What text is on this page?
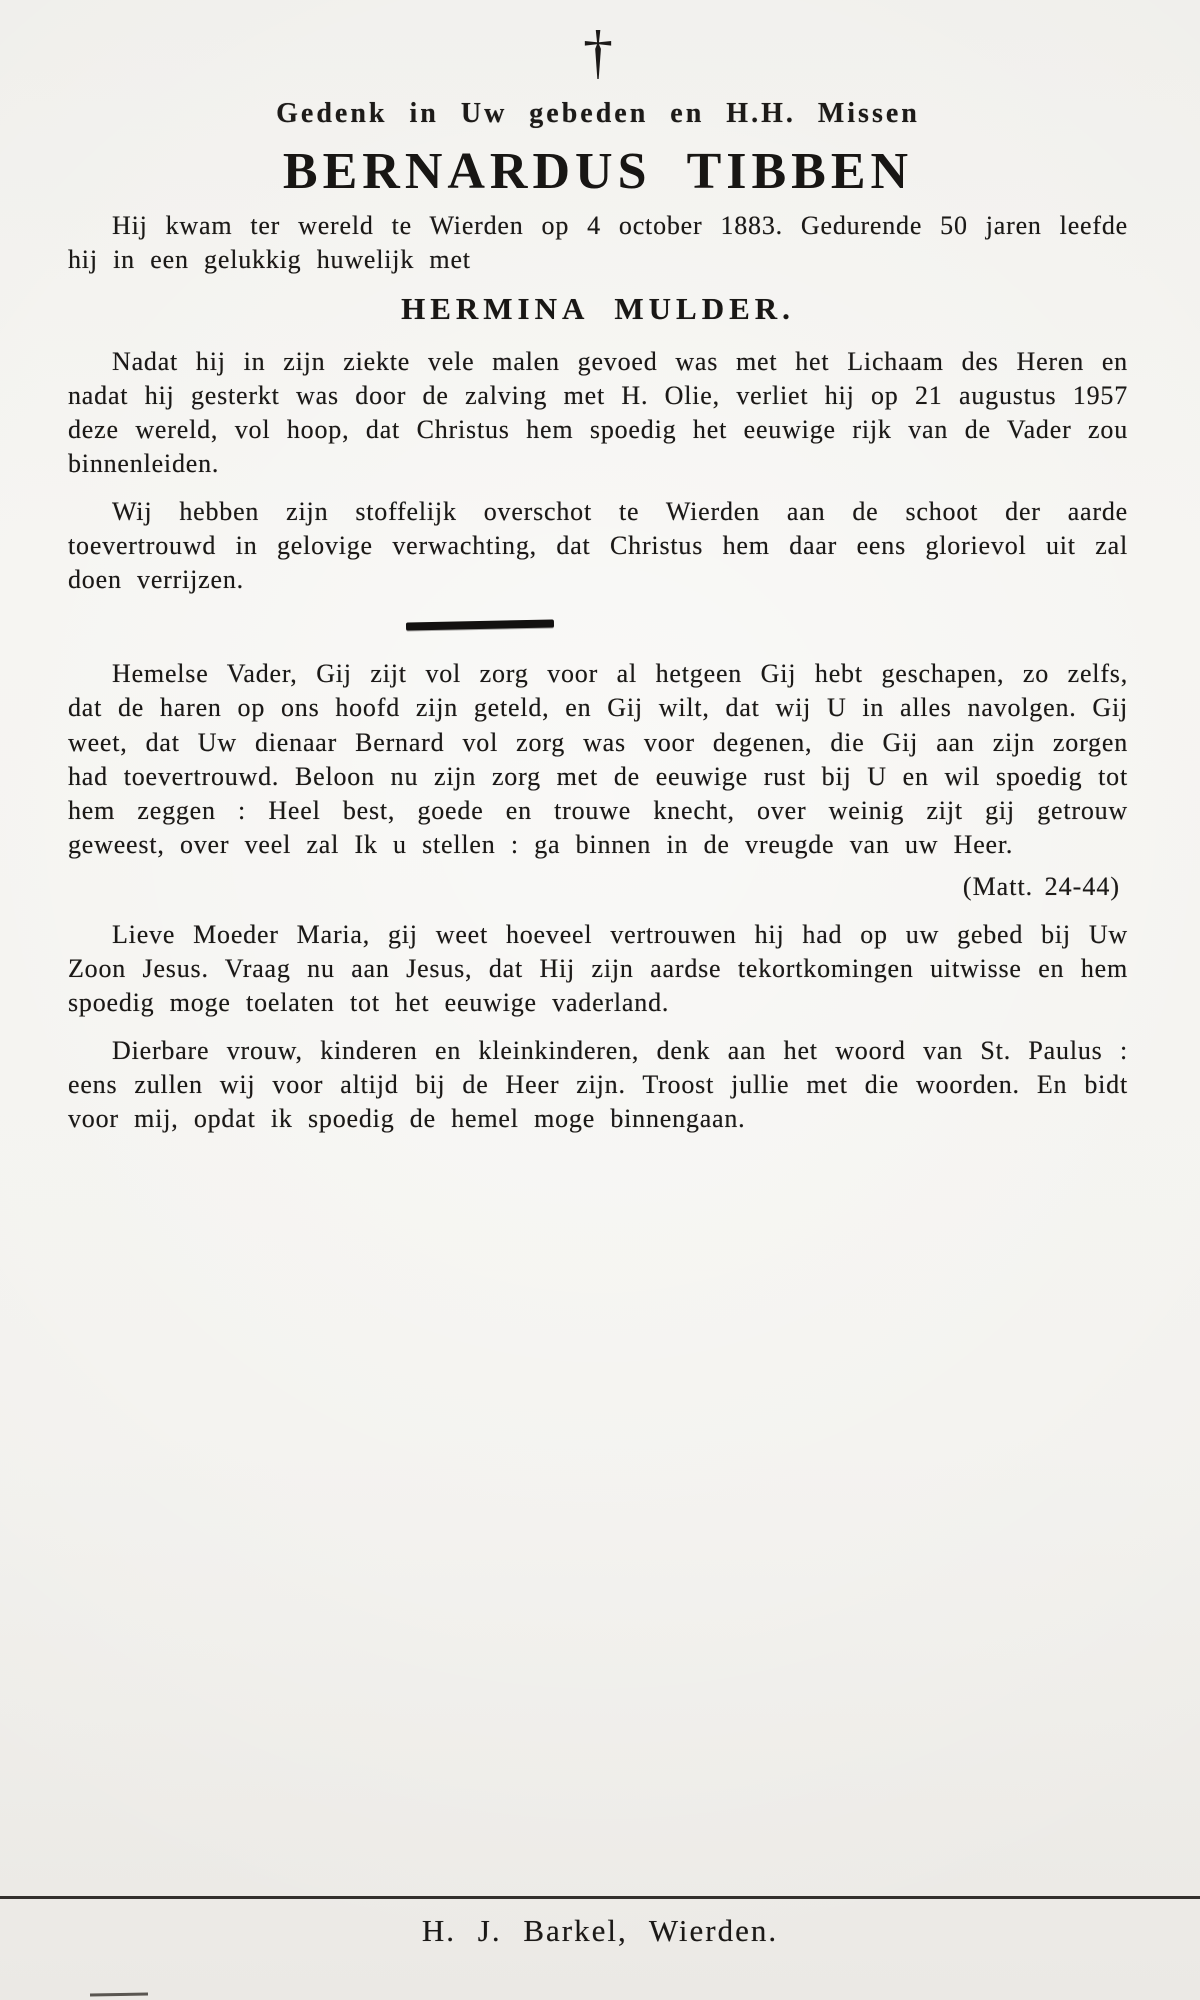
†
Gedenk in Uw gebeden en H.H. Missen
BERNARDUS TIBBEN

Hij kwam ter wereld te Wierden op 4 october 1883. Gedurende 50 jaren leefde hij in een gelukkig huwelijk met

HERMINA MULDER.

Nadat hij in zijn ziekte vele malen gevoed was met het Lichaam des Heren en nadat hij gesterkt was door de zalving met H. Olie, verliet hij op 21 augustus 1957 deze wereld, vol hoop, dat Christus hem spoedig het eeuwige rijk van de Vader zou binnenleiden.

Wij hebben zijn stoffelijk overschot te Wierden aan de schoot der aarde toevertrouwd in gelovige verwachting, dat Christus hem daar eens glorievol uit zal doen verrijzen.

Hemelse Vader, Gij zijt vol zorg voor al hetgeen Gij hebt geschapen, zo zelfs, dat de haren op ons hoofd zijn geteld, en Gij wilt, dat wij U in alles navolgen. Gij weet, dat Uw dienaar Bernard vol zorg was voor degenen, die Gij aan zijn zorgen had toevertrouwd. Beloon nu zijn zorg met de eeuwige rust bij U en wil spoedig tot hem zeggen : Heel best, goede en trouwe knecht, over weinig zijt gij getrouw geweest, over veel zal Ik u stellen : ga binnen in de vreugde van uw Heer.

(Matt. 24-44)

Lieve Moeder Maria, gij weet hoeveel vertrouwen hij had op uw gebed bij Uw Zoon Jesus. Vraag nu aan Jesus, dat Hij zijn aardse tekortkomingen uitwisse en hem spoedig moge toelaten tot het eeuwige vaderland.

Dierbare vrouw, kinderen en kleinkinderen, denk aan het woord van St. Paulus : eens zullen wij voor altijd bij de Heer zijn. Troost jullie met die woorden. En bidt voor mij, opdat ik spoedig de hemel moge binnengaan.

H. J. Barkel, Wierden.
